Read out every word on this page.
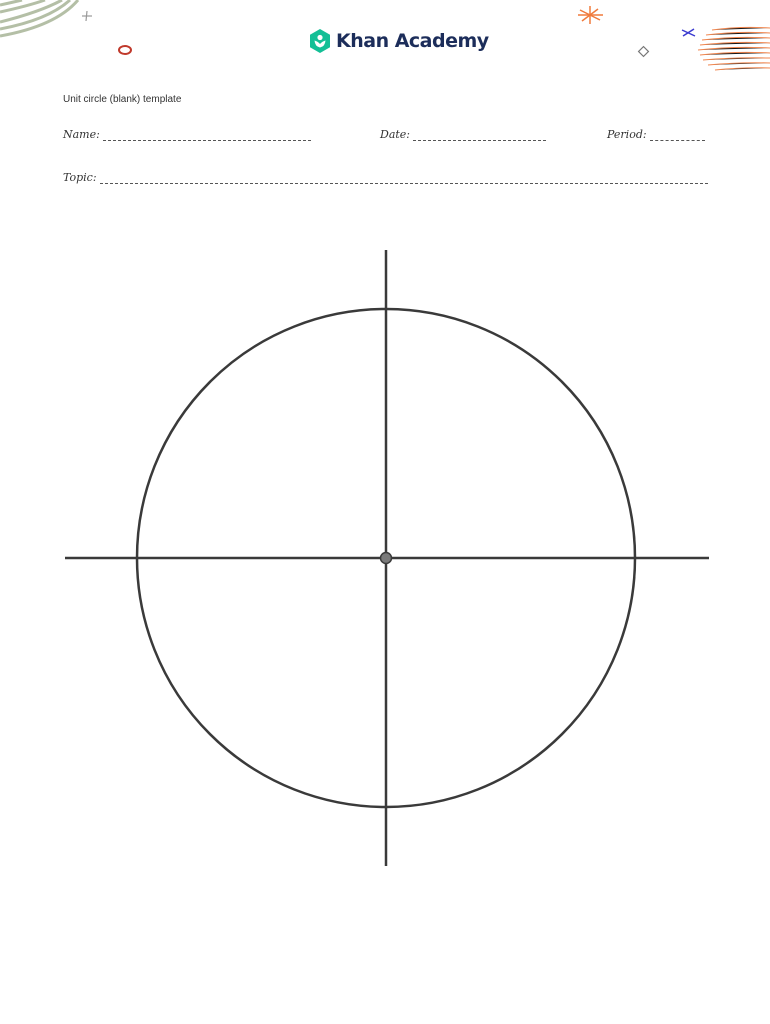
Khan Academy
Unit circle (blank) template
Name:	Date:	Period:
Topic:
